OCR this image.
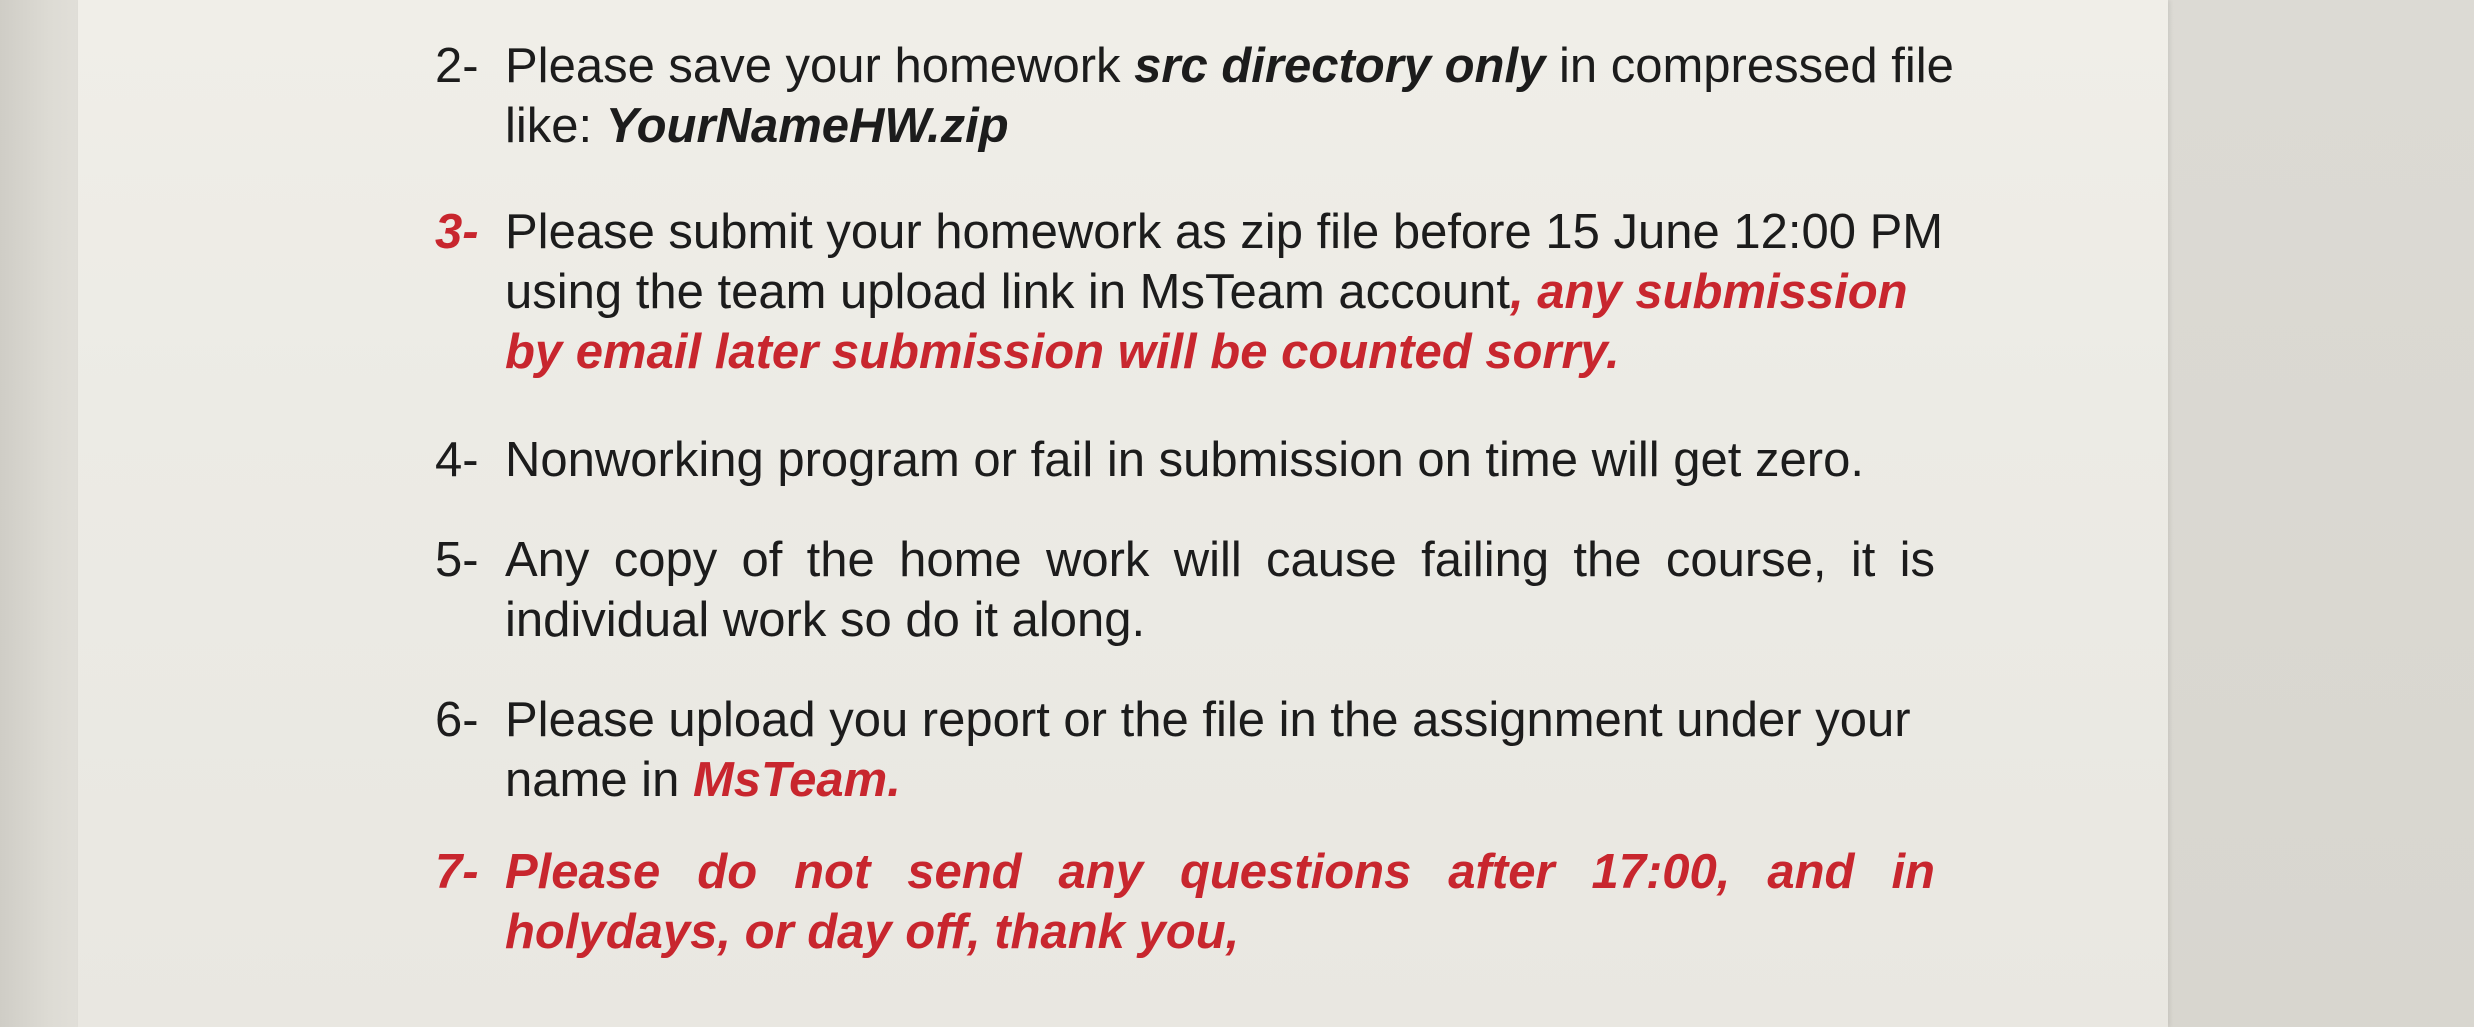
2- Please save your homework src directory only in compressed file
like: YourNameHW.zip
3- Please submit your homework as zip file before 15 June 12:00 PM
using the team upload link in MsTeam account, any submission
by email later submission will be counted sorry.
4- Nonworking program or fail in submission on time will get zero.
5- Any copy of the home work will cause failing the course, it is
individual work so do it along.
6- Please upload you report or the file in the assignment under your
name in MsTeam.
7- Please do not send any questions after 17:00, and in
holydays, or day off, thank you,
